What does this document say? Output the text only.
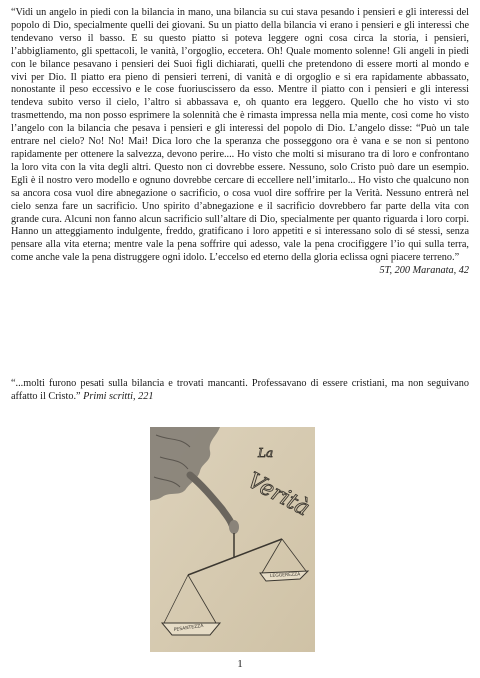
“Vidi un angelo in piedi con la bilancia in mano, una bilancia su cui stava pesando i pensieri e gli interessi del popolo di Dio, specialmente quelli dei giovani. Su un piatto della bilancia vi erano i pensieri e gli interessi che tendevano verso il basso. E su questo piatto si poteva leggere ogni cosa circa la storia, i pensieri, l’abbigliamento, gli spettacoli, le vanità, l’orgoglio, eccetera. Oh! Quale momento solenne! Gli angeli in piedi con le bilance pesavano i pensieri dei Suoi figli dichiarati, quelli che pretendono di essere morti al mondo e vivi per Dio. Il piatto era pieno di pensieri terreni, di vanità e di orgoglio e si era rapidamente abbassato, nonostante il peso eccessivo e le cose fuoriuscissero da esso. Mentre il piatto con i pensieri e gli interessi tendeva subito verso il cielo, l’altro si abbassava e, oh quanto era leggero. Quello che ho visto vi sto trasmettendo, ma non posso esprimere la solennità che è rimasta impressa nella mia mente, così come ho visto l’angelo con la bilancia che pesava i pensieri e gli interessi del popolo di Dio. L’angelo disse: “Può un tale entrare nel cielo? No! No! Mai! Dica loro che la speranza che posseggono ora è vana e se non si pentono rapidamente per ottenere la salvezza, devono perire.... Ho visto che molti si misurano tra di loro e confrontano la loro vita con la vita degli altri. Questo non ci dovrebbe essere. Nessuno, solo Cristo può dare un esempio. Eglì è il nostro vero modello e ognuno dovrebbe cercare di eccellere nell’imitarlo... Ho visto che qualcuno non sa ancora cosa vuol dire abnegazione o sacrificio, o cosa vuol dire soffrire per la Verità. Nessuno entrerà nel cielo senza fare un sacrificio. Uno spirito d’abnegazione e il sacrificio dovrebbero far parte della vita con grande cura. Alcuni non fanno alcun sacrificio sull’altare di Dio, specialmente per quanto riguarda i loro corpi. Hanno un atteggiamento indulgente, freddo, gratificano i loro appetiti e si interessano solo di sé stessi, senza pensare alla vita eterna; mentre vale la pena soffrire qui adesso, vale la pena crocifiggere l’io qui sulla terra, come anche vale la pena distruggere ogni idolo. L’eccelso ed eterno della gloria eclissa ogni piacere terreno.”
5T, 200 Maranata, 42

“...molti furono pesati sulla bilancia e trovati mancanti. Professavano di essere cristiani, ma non seguivano affatto il Cristo.” Primi scritti, 221

La
Verità
LEGGEREZZA
PESANTEZZA
1
